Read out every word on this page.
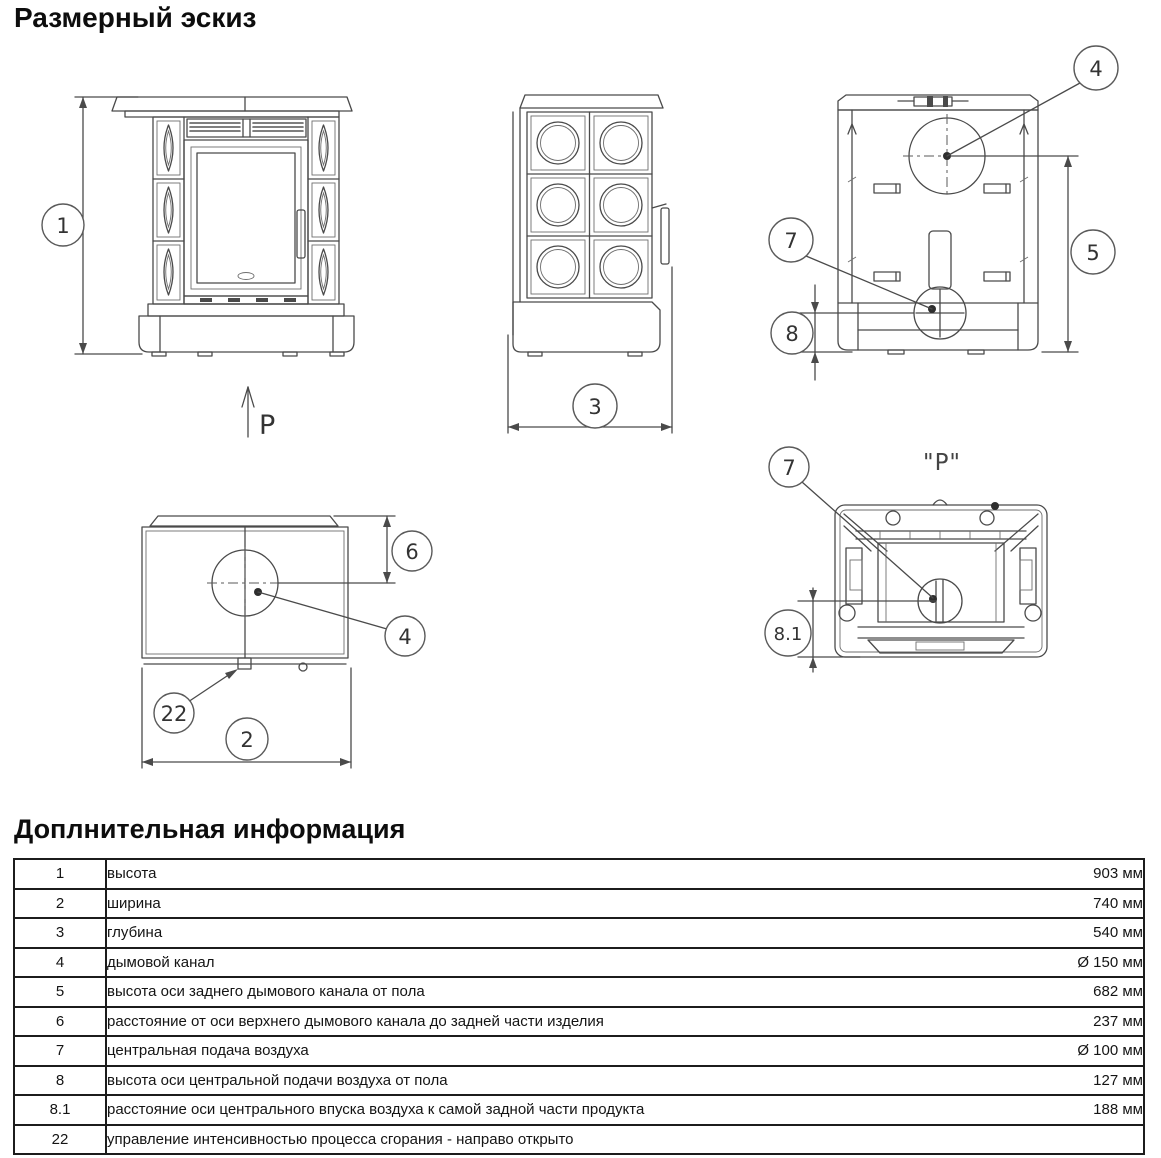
Размерный эскиз
1
P
3
4
5
7
8
6
4
22
2
"P"
7
8.1
Доплнительная информация
1	высота	903 мм
2	ширина	740 мм
3	глубина	540 мм
4	дымовой канал	Ø 150 мм
5	высота оси заднего дымового канала от пола	682 мм
6	расстояние от оси верхнего дымового канала до задней части изделия	237 мм
7	центральная подача воздуха	Ø 100 мм
8	высота оси центральной подачи воздуха от пола	127 мм
8.1	расстояние оси центрального впуска воздуха к самой задной части продукта	188 мм
22	управление интенсивностью процесса сгорания - направо открыто	
